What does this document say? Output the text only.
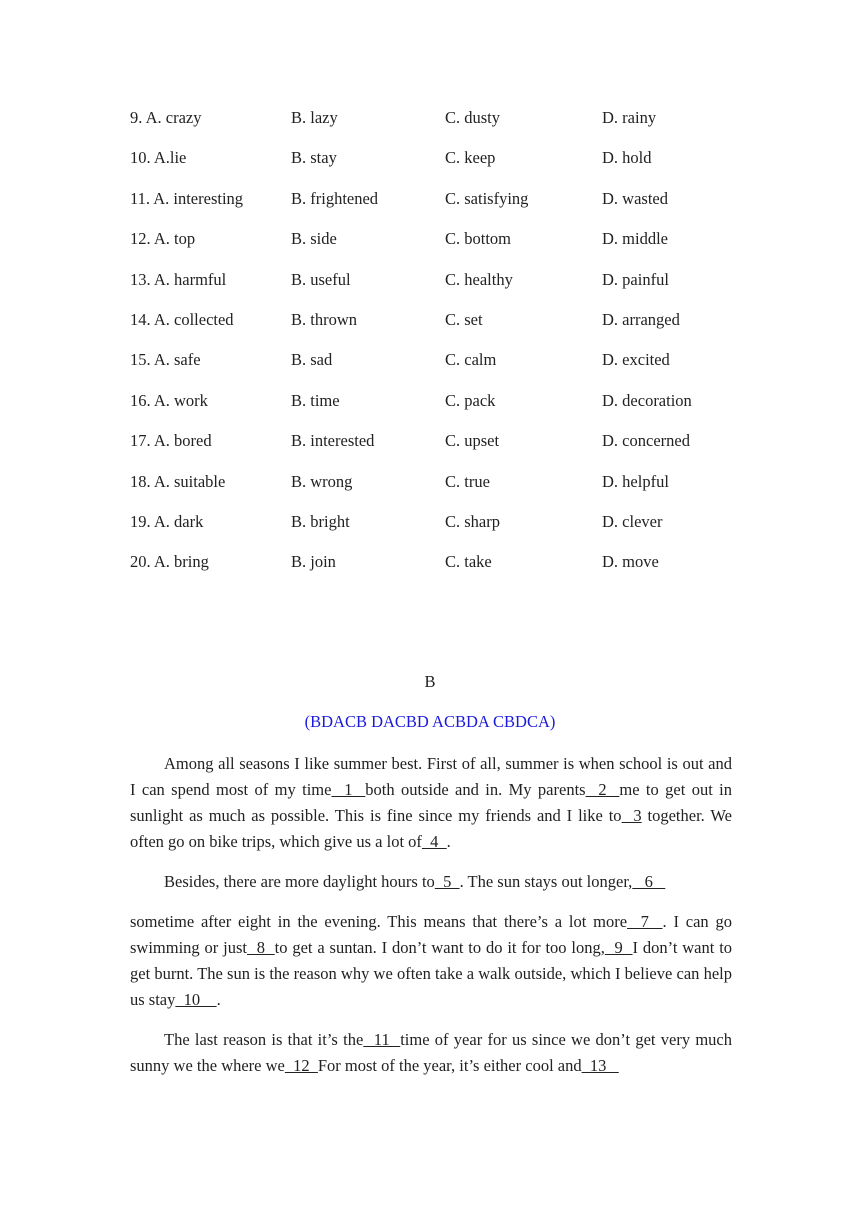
9. A. crazy	B. lazy	C. dusty	D. rainy
10. A.lie	B. stay	C. keep	D. hold
11. A. interesting	B. frightened	C. satisfying	D. wasted
12. A. top	B. side	C. bottom	D. middle
13. A. harmful	B. useful	C. healthy	D. painful
14. A. collected	B. thrown	C. set	D. arranged
15. A. safe	B. sad	C. calm	D. excited
16. A. work	B. time	C. pack	D. decoration
17. A. bored	B. interested	C. upset	D. concerned
18. A. suitable	B. wrong	C. true	D. helpful
19. A. dark	B. bright	C. sharp	D. clever
20. A. bring	B. join	C. take	D. move
B
(BDACB DACBD ACBDA CBDCA)
Among all seasons I like summer best. First of all, summer is when school is out and I can spend most of my time  1  both outside and in. My parents  2  me to get out in sunlight as much as possible. This is fine since my friends and I like to  3 together. We often go on bike trips, which give us a lot of  4  .
Besides, there are more daylight hours to  5  . The sun stays out longer,   6
sometime after eight in the evening. This means that there’s a lot more  7  . I can go swimming or just  8  to get a suntan. I don’t want to do it for too long,  9  I don’t want to get burnt. The sun is the reason why we often take a walk outside, which I believe can help us stay  10    .
The last reason is that it’s the  11  time of year for us since we don’t get very much sunny we the where we  12  For most of the year, it’s either cool and  13
